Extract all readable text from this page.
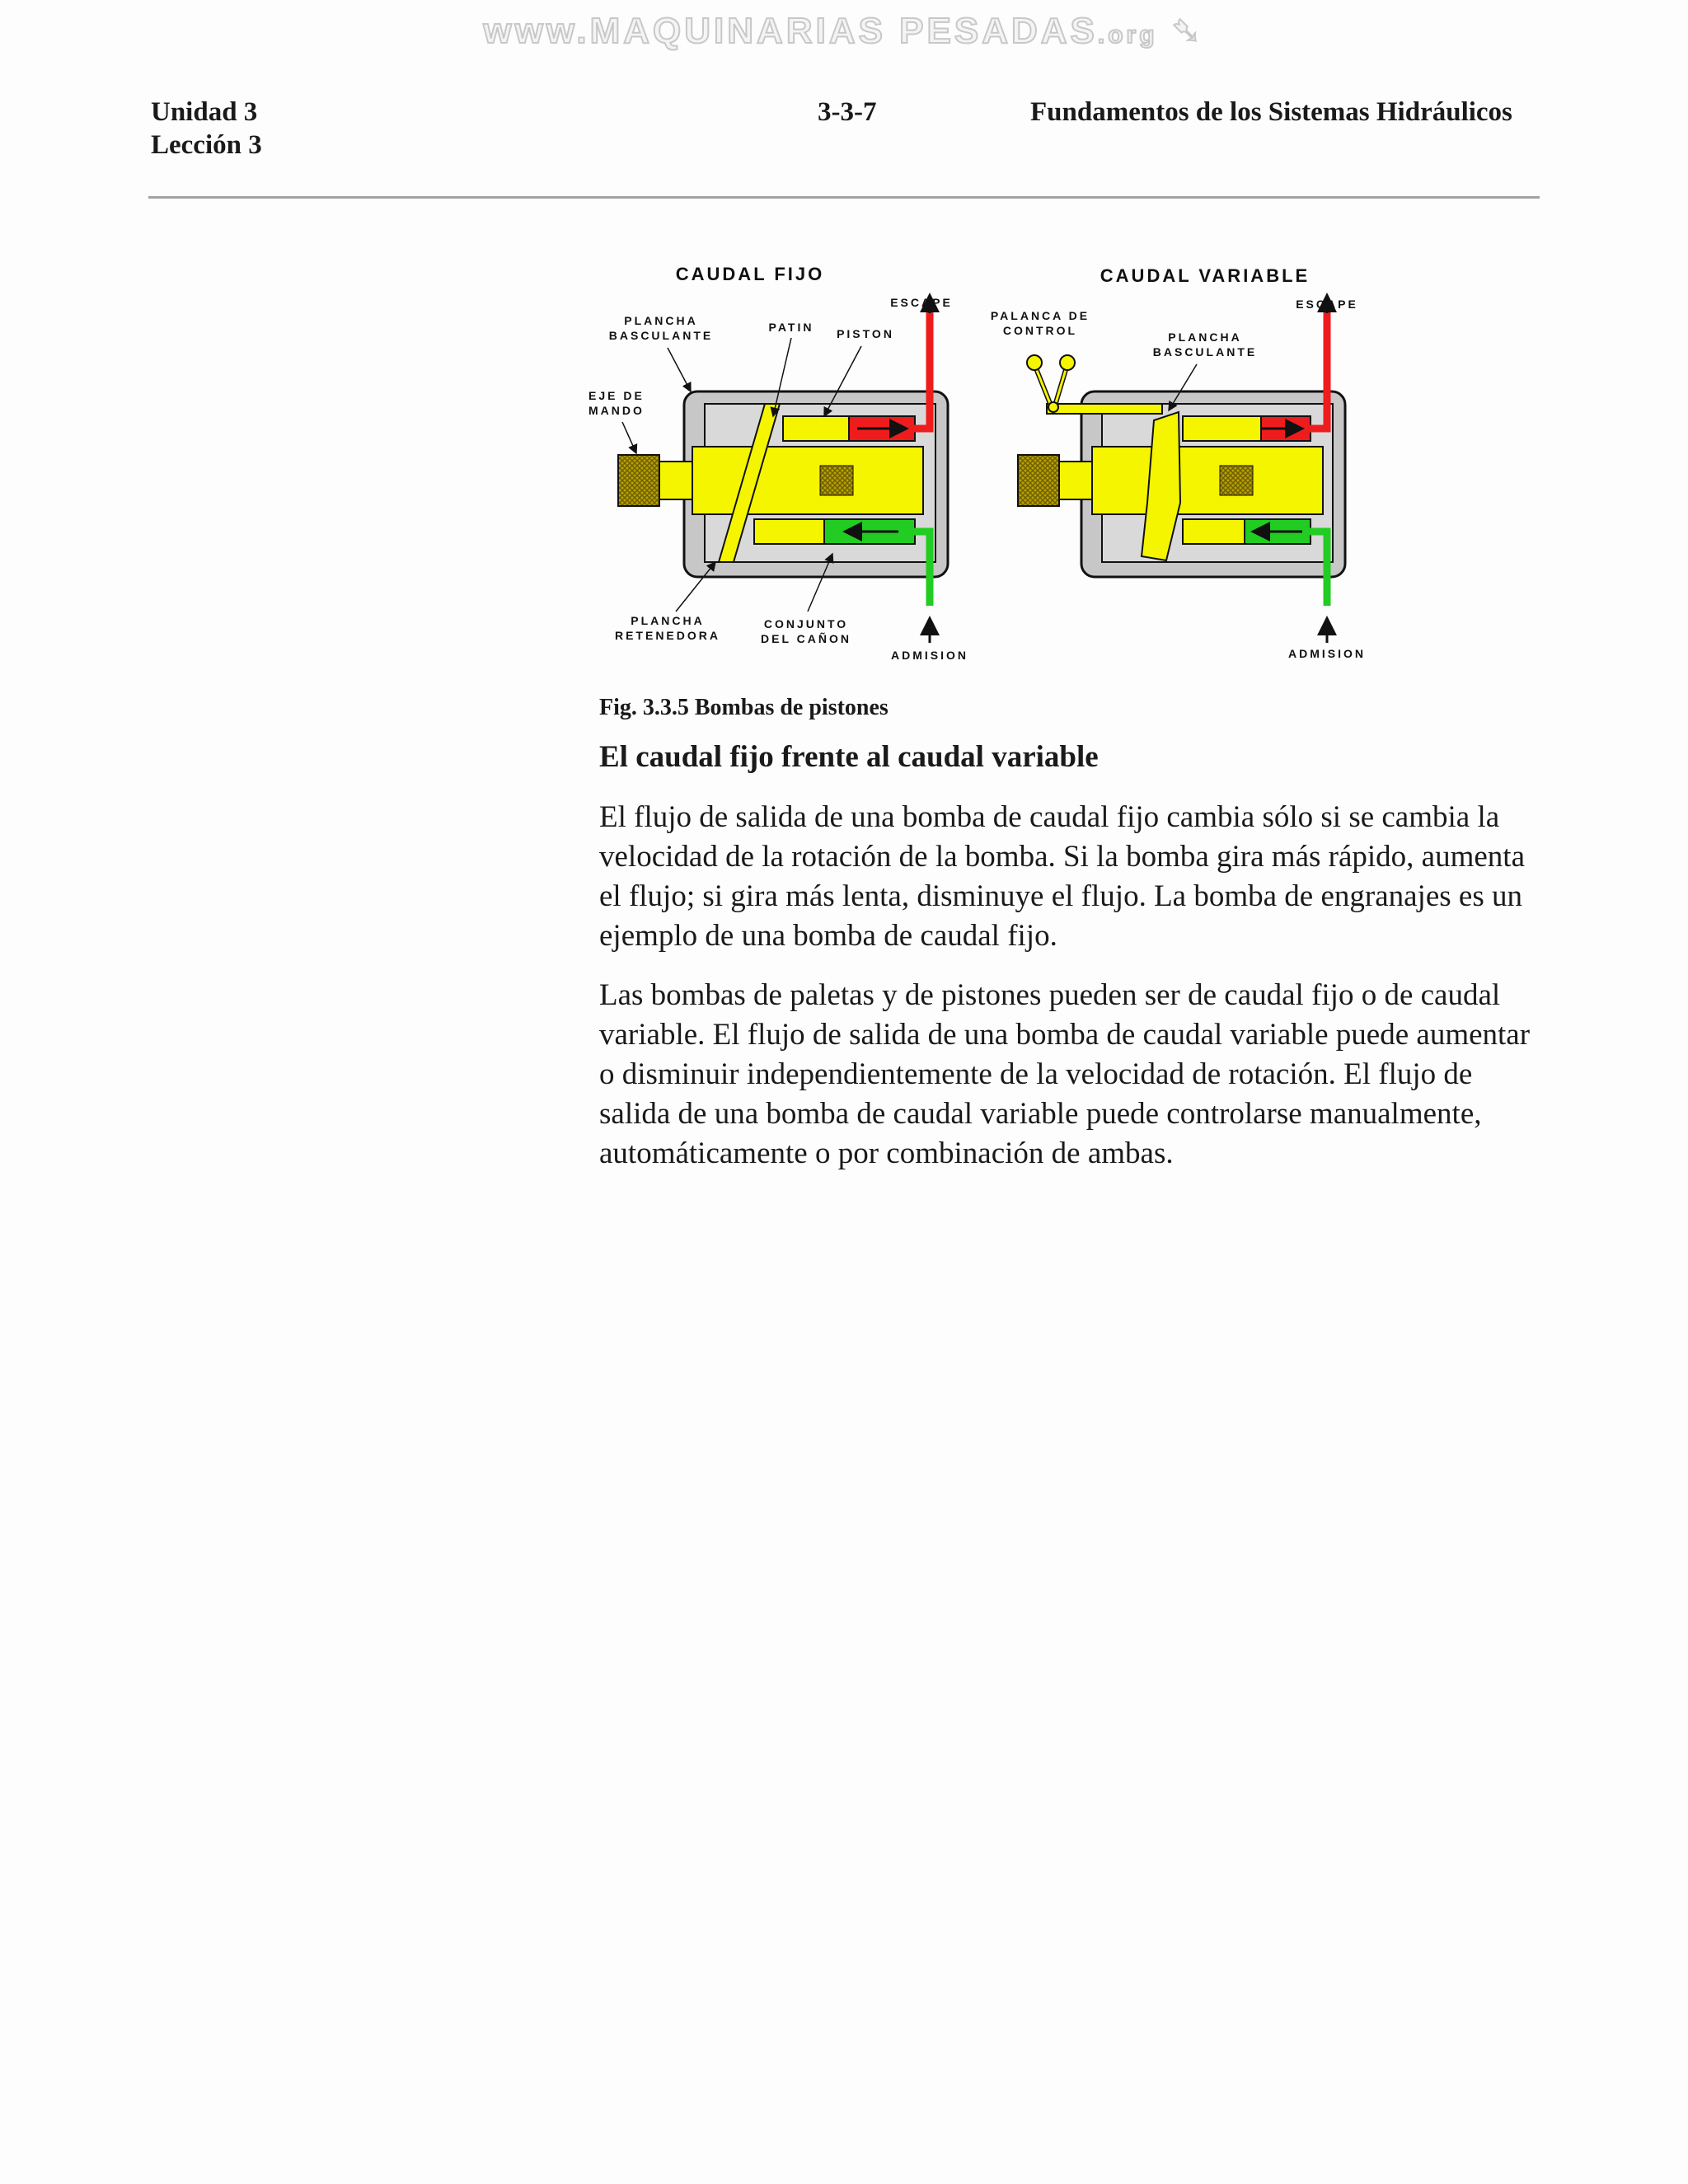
www.MAQUINARIAS PESADAS.org ➷
Unidad 3
Lección 3
3-3-7	Fundamentos de los Sistemas Hidráulicos
CAUDAL FIJO
PLANCHA
BASCULANTE
PATIN PISTON
ESCAPE
EJE DE
MANDO
PLANCHA
RETENEDORA
CONJUNTO
DEL CAÑON
ADMISION
CAUDAL VARIABLE
PALANCA DE
CONTROL	PLANCHA
BASCULANTE
ESCAPE
ADMISION
Fig. 3.3.5 Bombas de pistones
El caudal fijo frente al caudal variable
El flujo de salida de una bomba de caudal fijo cambia sólo si se cambia la velocidad de la rotación de la bomba. Si la bomba gira más rápido, aumenta el flujo; si gira más lenta, disminuye el flujo. La bomba de engranajes es un ejemplo de una bomba de caudal fijo.
Las bombas de paletas y de pistones pueden ser de caudal fijo o de caudal variable. El flujo de salida de una bomba de caudal variable puede aumentar o disminuir independientemente de la velocidad de rotación. El flujo de salida de una bomba de caudal variable puede controlarse manualmente, automáticamente o por combinación de ambas.
